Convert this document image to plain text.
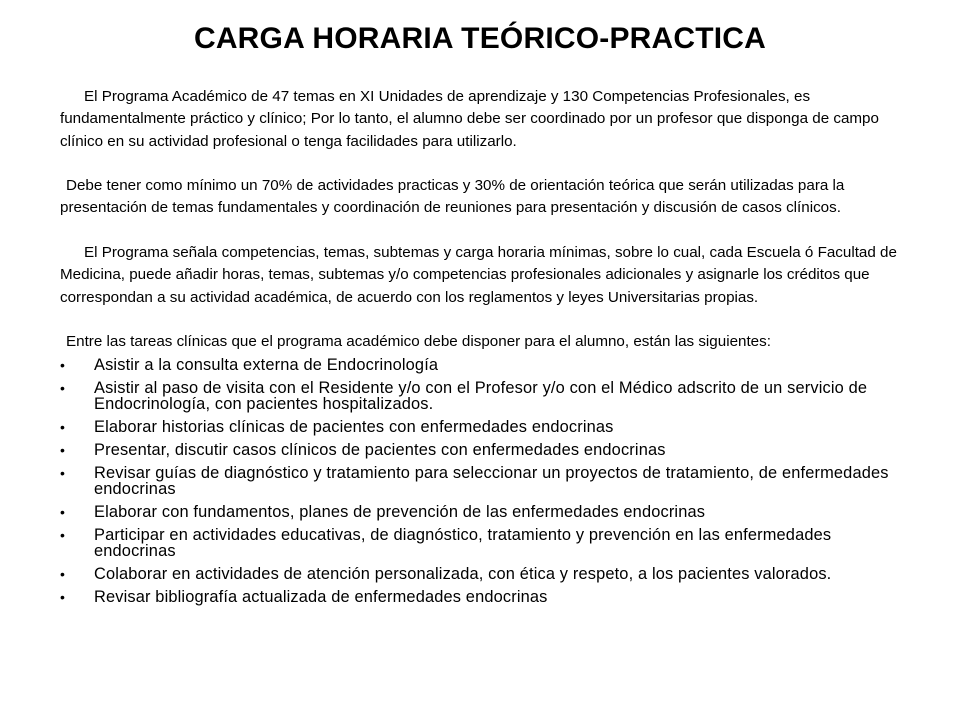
CARGA HORARIA TEÓRICO-PRACTICA

El Programa Académico de 47 temas en XI Unidades de aprendizaje y 130 Competencias Profesionales, es fundamentalmente práctico y clínico; Por lo tanto, el alumno debe ser coordinado por un profesor que disponga de campo clínico en su actividad profesional o tenga facilidades para utilizarlo.

Debe tener como mínimo un 70% de actividades practicas y 30% de orientación teórica que serán utilizadas para la presentación de temas fundamentales y coordinación de reuniones para presentación y discusión de casos clínicos.

El Programa señala competencias, temas, subtemas y carga horaria mínimas, sobre lo cual, cada Escuela ó Facultad de Medicina, puede añadir horas, temas, subtemas y/o competencias profesionales adicionales y asignarle los créditos que correspondan a su actividad académica, de acuerdo con los reglamentos y leyes Universitarias propias.

Entre las tareas clínicas que el programa académico debe disponer para el alumno, están las siguientes:

• Asistir a la consulta externa de Endocrinología
• Asistir al paso de visita con el Residente y/o con el Profesor y/o con el Médico adscrito de un servicio de Endocrinología, con pacientes hospitalizados.
• Elaborar historias clínicas de pacientes con enfermedades endocrinas
• Presentar, discutir casos clínicos de pacientes con enfermedades endocrinas
• Revisar guías de diagnóstico y tratamiento para seleccionar un proyectos de tratamiento, de enfermedades endocrinas
• Elaborar con fundamentos, planes de prevención de las enfermedades endocrinas
• Participar en actividades educativas, de diagnóstico, tratamiento y prevención en las enfermedades endocrinas
• Colaborar en actividades de atención personalizada, con ética y respeto, a los pacientes valorados.
• Revisar bibliografía actualizada de enfermedades endocrinas
